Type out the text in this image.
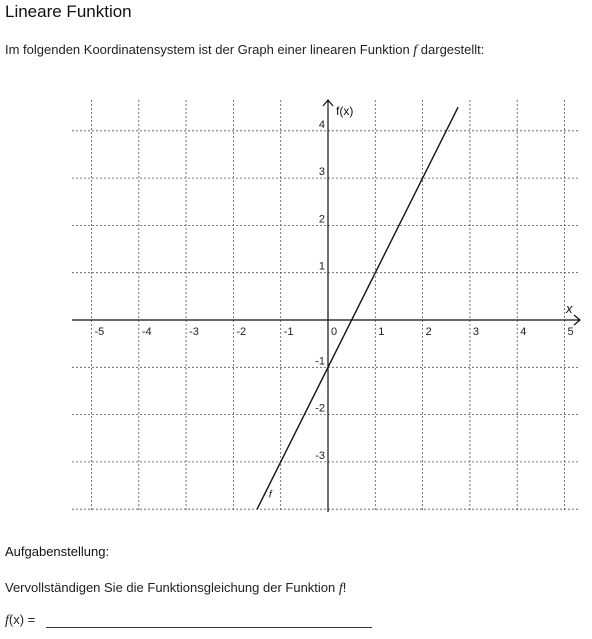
Lineare Funktion
Im folgenden Koordinatensystem ist der Graph einer linearen Funktion f dargestellt:
-5	-4	-3	-2	-1	0	1	2	3	4	5
-3
-2
-1
1
2
3
4
x
f(x)
f
Aufgabenstellung:
Vervollständigen Sie die Funktionsgleichung der Funktion f!
f(x) =
